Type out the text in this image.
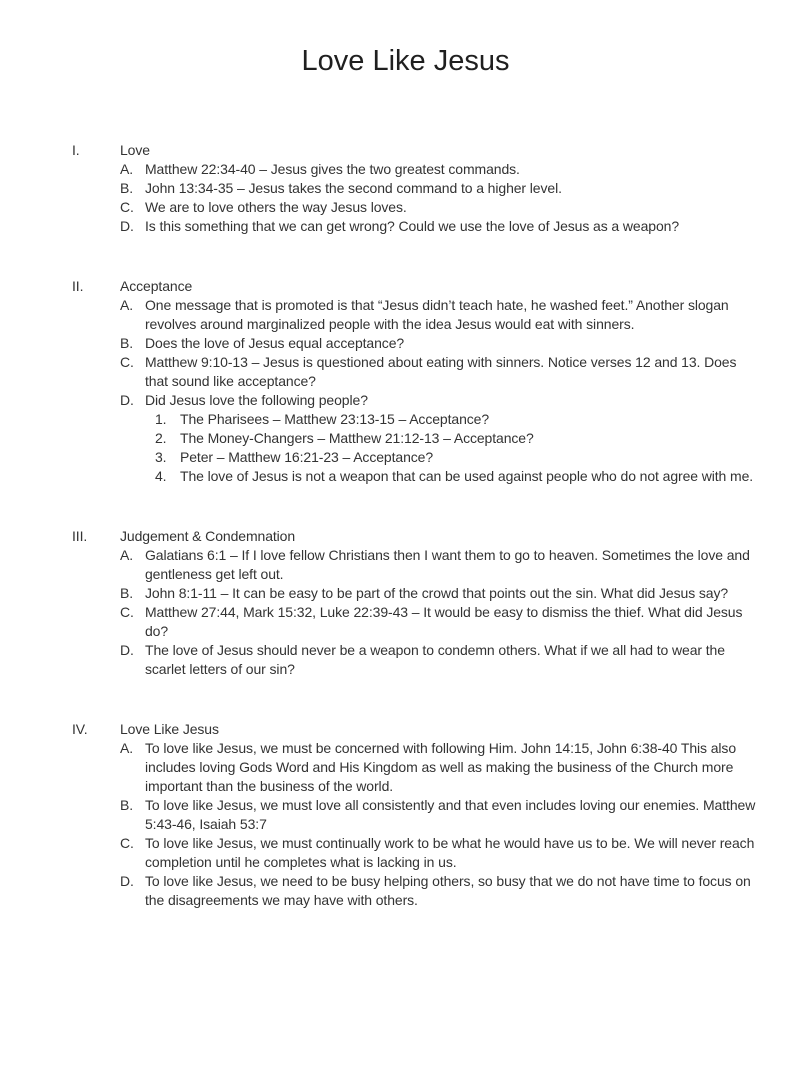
Love Like Jesus
I.	Love
A. Matthew 22:34-40 – Jesus gives the two greatest commands.
B. John 13:34-35 – Jesus takes the second command to a higher level.
C. We are to love others the way Jesus loves.
D. Is this something that we can get wrong? Could we use the love of Jesus as a weapon?
II.	Acceptance
A. One message that is promoted is that “Jesus didn’t teach hate, he washed feet.” Another slogan revolves around marginalized people with the idea Jesus would eat with sinners.
B. Does the love of Jesus equal acceptance?
C. Matthew 9:10-13 – Jesus is questioned about eating with sinners. Notice verses 12 and 13. Does that sound like acceptance?
D. Did Jesus love the following people?
1. The Pharisees – Matthew 23:13-15 – Acceptance?
2. The Money-Changers – Matthew 21:12-13 – Acceptance?
3. Peter – Matthew 16:21-23 – Acceptance?
4. The love of Jesus is not a weapon that can be used against people who do not agree with me.
III.	Judgement & Condemnation
A. Galatians 6:1 – If I love fellow Christians then I want them to go to heaven. Sometimes the love and gentleness get left out.
B. John 8:1-11 – It can be easy to be part of the crowd that points out the sin. What did Jesus say?
C. Matthew 27:44, Mark 15:32, Luke 22:39-43 – It would be easy to dismiss the thief. What did Jesus do?
D. The love of Jesus should never be a weapon to condemn others. What if we all had to wear the scarlet letters of our sin?
IV.	Love Like Jesus
A. To love like Jesus, we must be concerned with following Him. John 14:15, John 6:38-40 This also includes loving Gods Word and His Kingdom as well as making the business of the Church more important than the business of the world.
B. To love like Jesus, we must love all consistently and that even includes loving our enemies. Matthew 5:43-46, Isaiah 53:7
C. To love like Jesus, we must continually work to be what he would have us to be. We will never reach completion until he completes what is lacking in us.
D. To love like Jesus, we need to be busy helping others, so busy that we do not have time to focus on the disagreements we may have with others.
